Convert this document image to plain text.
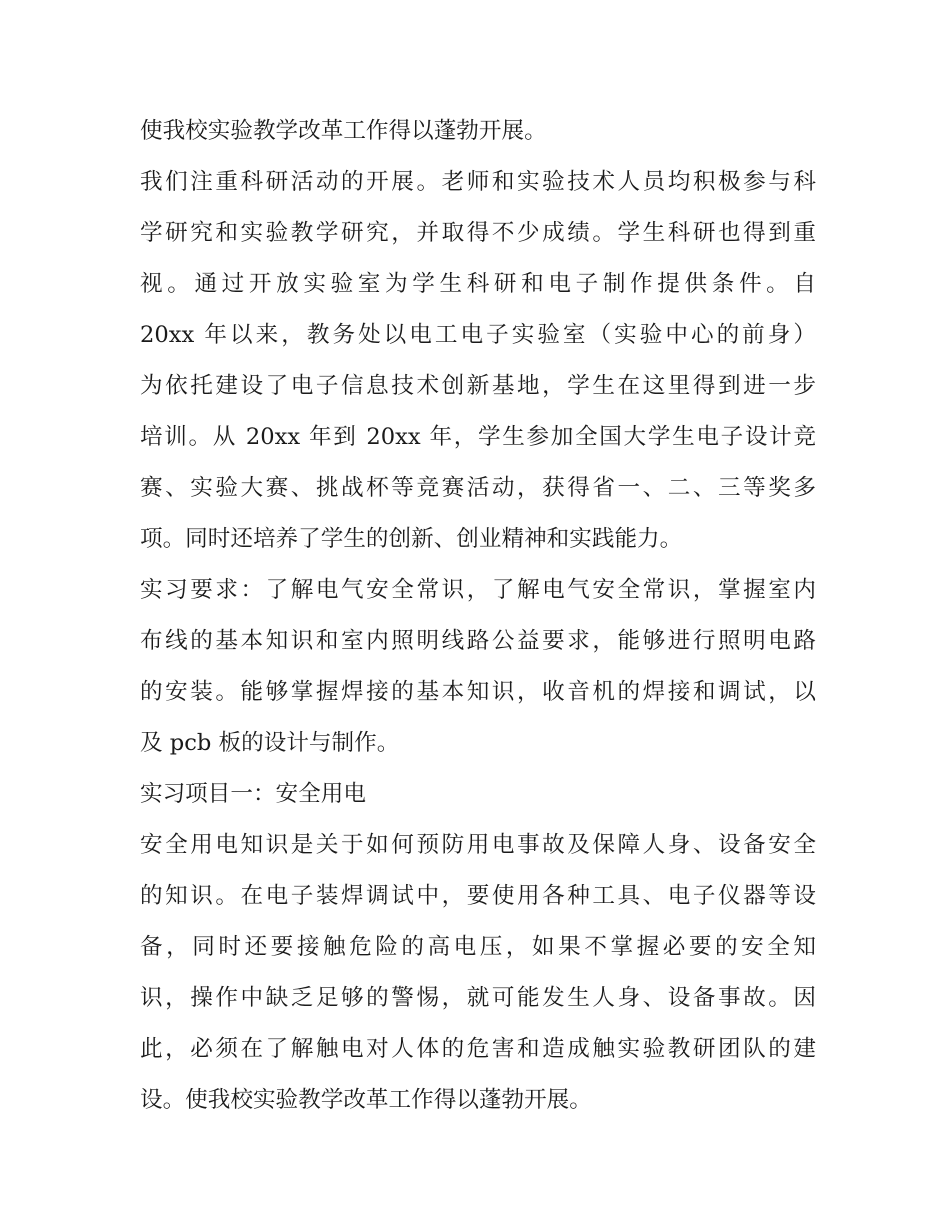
使我校实验教学改革工作得以蓬勃开展。
我们注重科研活动的开展。老师和实验技术人员均积极参与科
学研究和实验教学研究，并取得不少成绩。学生科研也得到重
视。通过开放实验室为学生科研和电子制作提供条件。自
20xx 年以来，教务处以电工电子实验室（实验中心的前身）
为依托建设了电子信息技术创新基地，学生在这里得到进一步
培训。从 20xx 年到 20xx 年，学生参加全国大学生电子设计竞
赛、实验大赛、挑战杯等竞赛活动，获得省一、二、三等奖多
项。同时还培养了学生的创新、创业精神和实践能力。
实习要求：了解电气安全常识，了解电气安全常识，掌握室内
布线的基本知识和室内照明线路公益要求，能够进行照明电路
的安装。能够掌握焊接的基本知识，收音机的焊接和调试，以
及 pcb 板的设计与制作。
实习项目一：安全用电
安全用电知识是关于如何预防用电事故及保障人身、设备安全
的知识。在电子装焊调试中，要使用各种工具、电子仪器等设
备，同时还要接触危险的高电压，如果不掌握必要的安全知
识，操作中缺乏足够的警惕，就可能发生人身、设备事故。因
此，必须在了解触电对人体的危害和造成触实验教研团队的建
设。使我校实验教学改革工作得以蓬勃开展。
